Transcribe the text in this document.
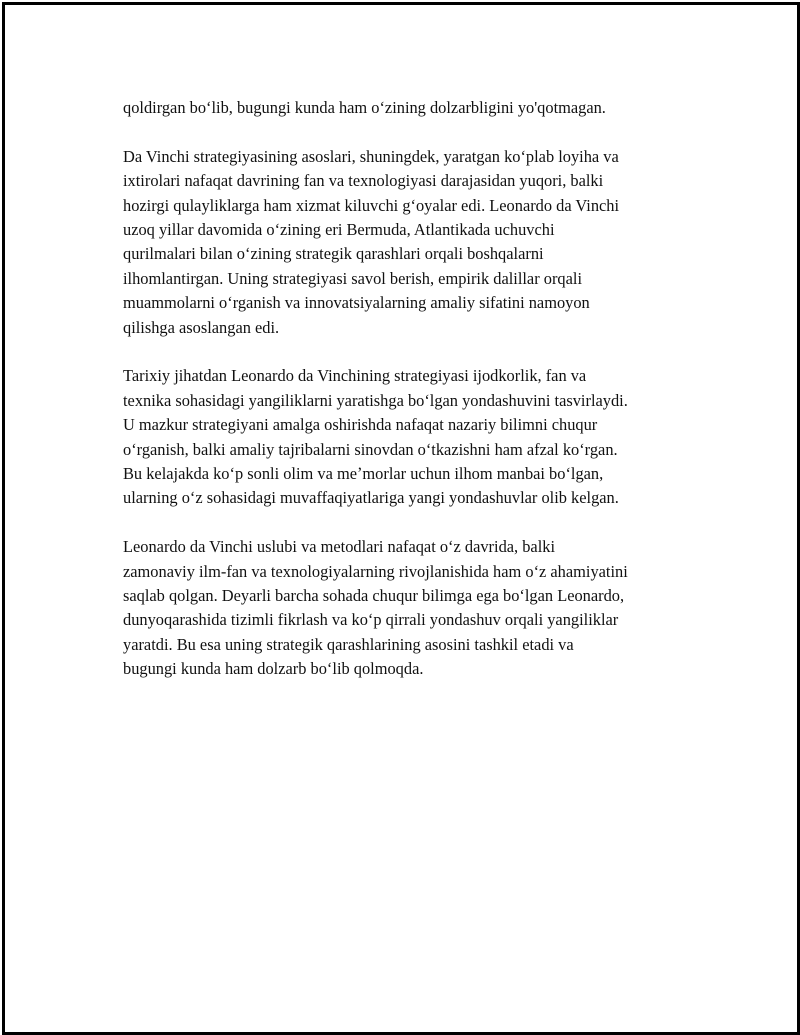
qoldirgan boʻlib, bugungi kunda ham oʻzining dolzarbligini yo'qotmagan.

Da Vinchi strategiyasining asoslari, shuningdek, yaratgan koʻplab loyiha va
ixtirolari nafaqat davrining fan va texnologiyasi darajasidan yuqori, balki
hozirgi qulayliklarga ham xizmat kiluvchi gʻoyalar edi. Leonardo da Vinchi
uzoq yillar davomida oʻzining eri Bermuda, Atlantikada uchuvchi
qurilmalari bilan oʻzining strategik qarashlari orqali boshqalarni
ilhomlantirgan. Uning strategiyasi savol berish, empirik dalillar orqali
muammolarni oʻrganish va innovatsiyalarning amaliy sifatini namoyon
qilishga asoslangan edi.

Tarixiy jihatdan Leonardo da Vinchining strategiyasi ijodkorlik, fan va
texnika sohasidagi yangiliklarni yaratishga boʻlgan yondashuvini tasvirlaydi.
U mazkur strategiyani amalga oshirishda nafaqat nazariy bilimni chuqur
oʻrganish, balki amaliy tajribalarni sinovdan oʻtkazishni ham afzal koʻrgan.
Bu kelajakda koʻp sonli olim va meʼmorlar uchun ilhom manbai boʻlgan,
ularning oʻz sohasidagi muvaffaqiyatlariga yangi yondashuvlar olib kelgan.

Leonardo da Vinchi uslubi va metodlari nafaqat oʻz davrida, balki
zamonaviy ilm-fan va texnologiyalarning rivojlanishida ham oʻz ahamiyatini
saqlab qolgan. Deyarli barcha sohada chuqur bilimga ega boʻlgan Leonardo,
dunyoqarashida tizimli fikrlash va koʻp qirrali yondashuv orqali yangiliklar
yaratdi. Bu esa uning strategik qarashlarining asosini tashkil etadi va
bugungi kunda ham dolzarb boʻlib qolmoqda.
